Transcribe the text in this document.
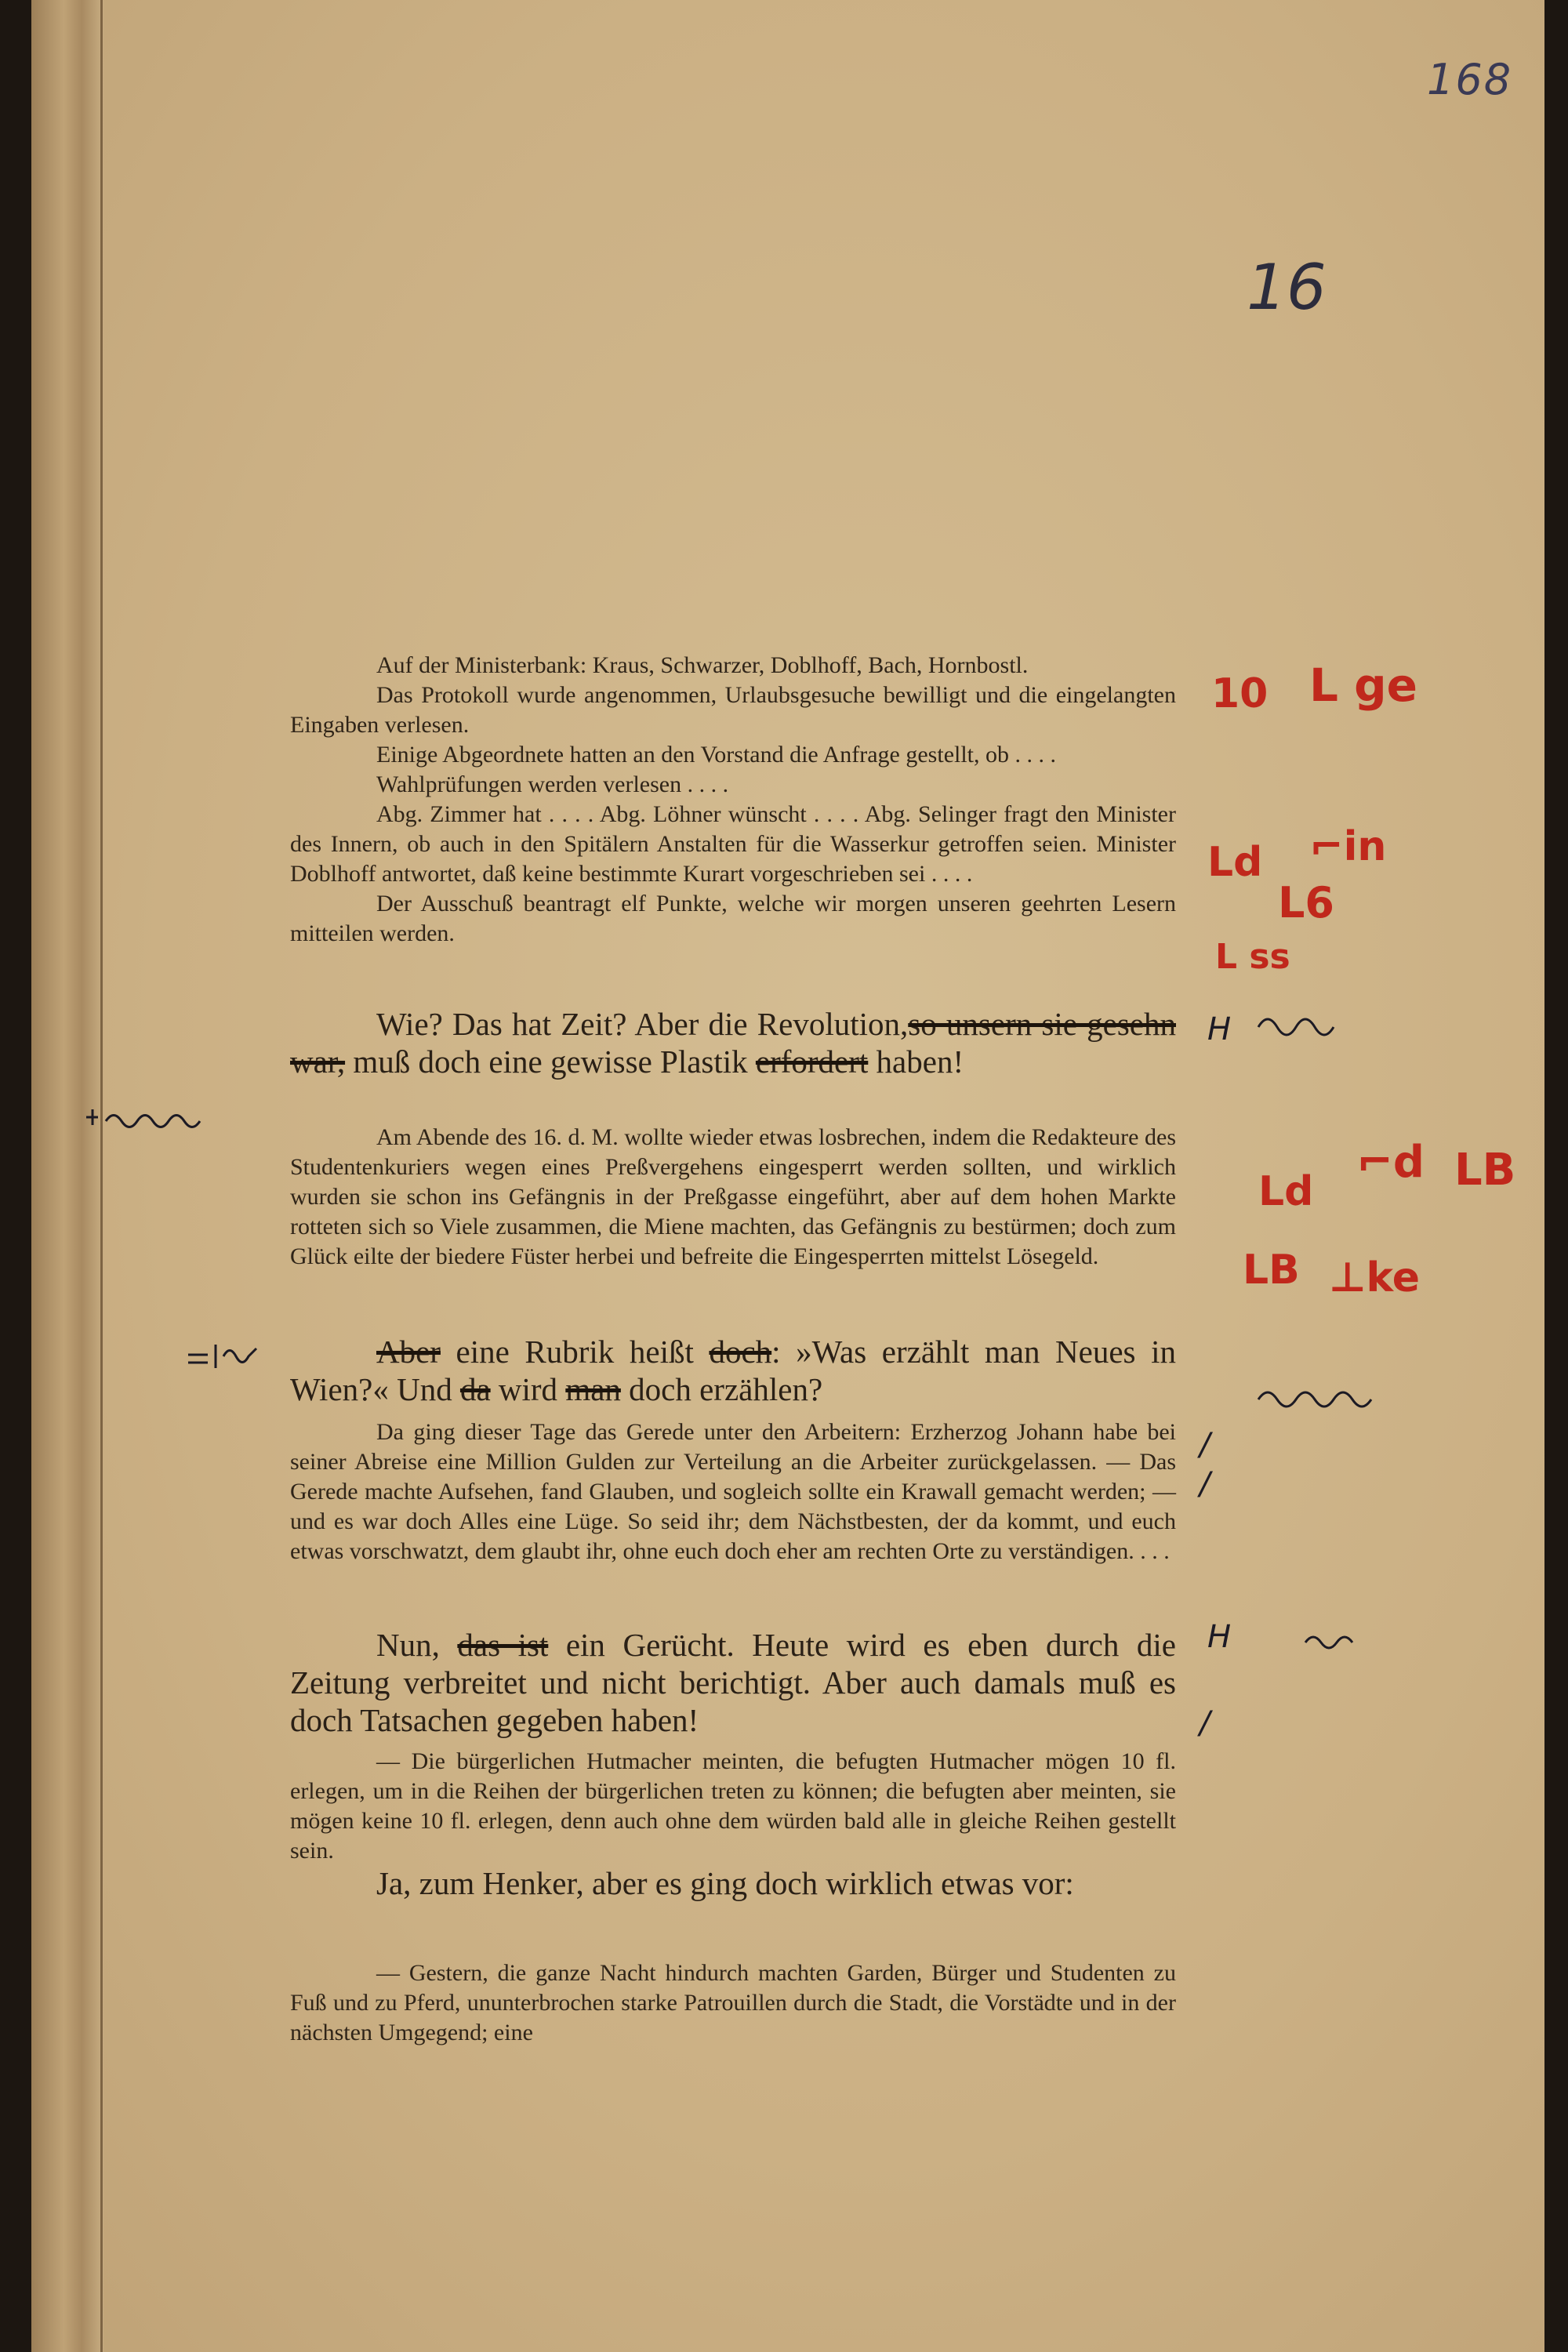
168
16

Auf der Ministerbank: Kraus, Schwarzer, Doblhoff, Bach, Hornbostl.

Das Protokoll wurde angenommen, Urlaubsgesuche bewilligt und die eingelangten Eingaben verlesen.

Einige Abgeordnete hatten an den Vorstand die Anfrage gestellt, ob . . . .

Wahlprüfungen werden verlesen . . . .

Abg. Zimmer hat . . . . Abg. Löhner wünscht . . . . Abg. Selinger fragt den Minister des Innern, ob auch in den Spitälern Anstalten für die Wasserkur getroffen seien. Minister Doblhoff antwortet, daß keine bestimmte Kurart vorgeschrieben sei . . . .

Der Ausschuß beantragt elf Punkte, welche wir morgen unseren geehrten Lesern mitteilen werden.

Wie? Das hat Zeit? Aber die Revolution,so unsern sie gesehn war, muß doch eine gewisse Plastik erfordert haben!

Am Abende des 16. d. M. wollte wieder etwas losbrechen, indem die Redakteure des Studentenkuriers wegen eines Preßvergehens eingesperrt werden sollten, und wirklich wurden sie schon ins Gefängnis in der Preßgasse eingeführt, aber auf dem hohen Markte rotteten sich so Viele zusammen, die Miene machten, das Gefängnis zu bestürmen; doch zum Glück eilte der biedere Füster herbei und befreite die Eingesperrten mittelst Lösegeld.

Aber eine Rubrik heißt doch: »Was erzählt man Neues in Wien?« Und da wird man doch erzählen?

Da ging dieser Tage das Gerede unter den Arbeitern: Erzherzog Johann habe bei seiner Abreise eine Million Gulden zur Verteilung an die Arbeiter zurückgelassen. — Das Gerede machte Aufsehen, fand Glauben, und sogleich sollte ein Krawall gemacht werden; — und es war doch Alles eine Lüge. So seid ihr; dem Nächstbesten, der da kommt, und euch etwas vorschwatzt, dem glaubt ihr, ohne euch doch eher am rechten Orte zu verständigen. . . .

Nun, das ist ein Gerücht. Heute wird es eben durch die Zeitung verbreitet und nicht berichtigt. Aber auch damals muß es doch Tatsachen gegeben haben!

— Die bürgerlichen Hutmacher meinten, die befugten Hutmacher mögen 10 fl. erlegen, um in die Reihen der bürgerlichen treten zu können; die befugten aber meinten, sie mögen keine 10 fl. erlegen, denn auch ohne dem würden bald alle in gleiche Reihen gestellt sein.

Ja, zum Henker, aber es ging doch wirklich etwas vor:

— Gestern, die ganze Nacht hindurch machten Garden, Bürger und Studenten zu Fuß und zu Pferd, ununterbrochen starke Patrouillen durch die Stadt, die Vorstädte und in der nächsten Umgegend; eine

10 L ge
Ld ⌐in
L6
L ss
H
Ld
⌐d LB
LB ⊥ke
H
/
/
/
